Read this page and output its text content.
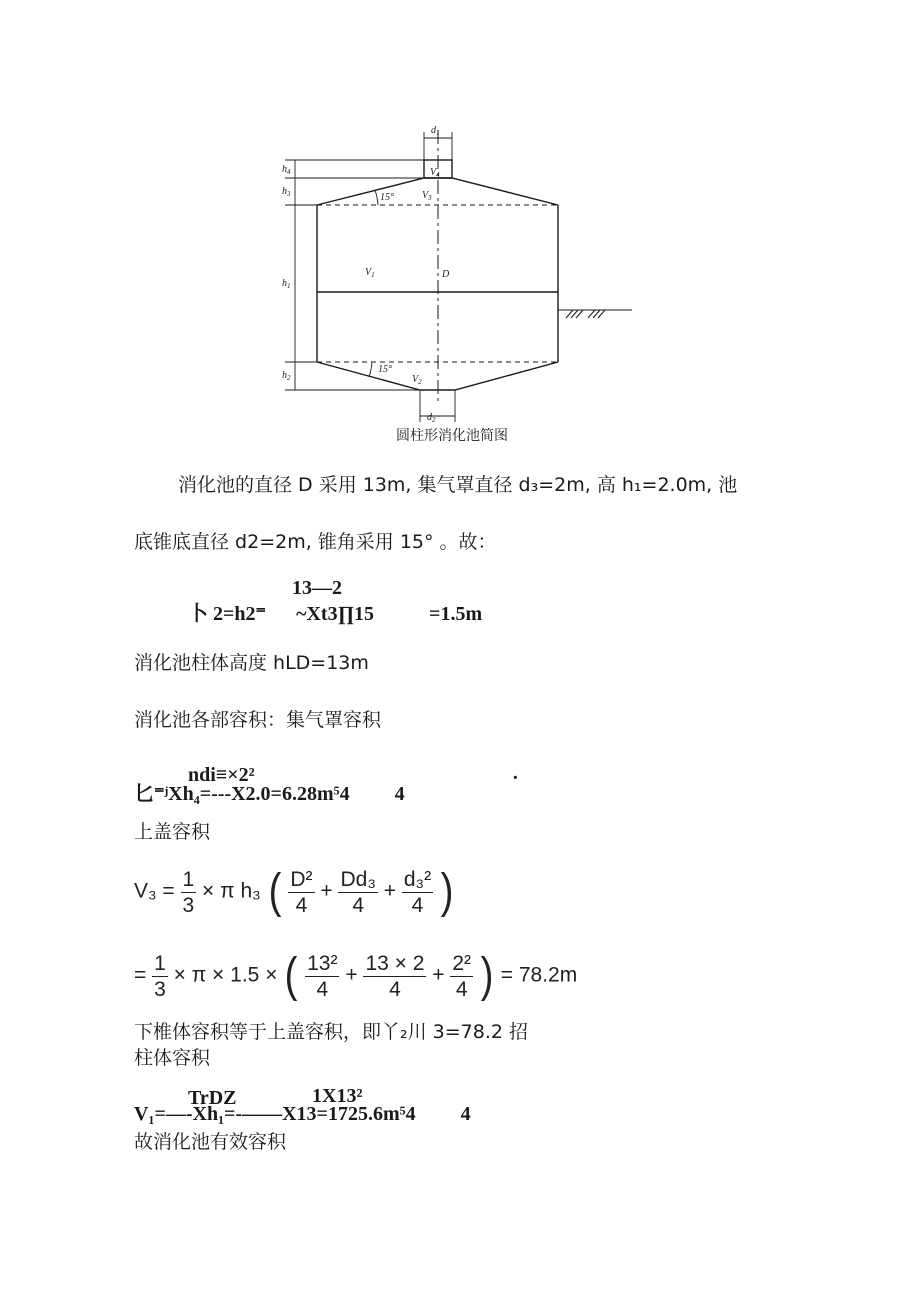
$d_1$
$d_2$
$h_4$
$h_3$
$h_1$
$h_2$
$V_4$
$V_3$
$V_1$
$V_2$
D
15°
15°
圆柱形消化池简图
消化池的直径 D 采用 13m, 集气罩直径 d₃=2m, 高 h₁=2.0m, 池
底锥底直径 d2=2m, 锥角采用 15° 。故：
13—2
卜 2=h2⁼      ~Xt3∏15           =1.5m
消化池柱体高度 hLD=13m
消化池各部容积：集气罩容积
ndi≡×2²
匕⁼ʲXh₄=---X2.0=6.28m⁵4         4
·
上盖容积
$V_3 = \frac{1}{3} \times \pi$ h₃ ( $\frac{\text{D²}}{4} + \frac{\text{Dd₃}}{4} + \frac{\text{d₃²}}{4}$ )
= $\frac{1}{3} \times \pi \times 1.5$ × ( $\frac{\text{13²}}{4} + \frac{13 \times 2}{4} + \frac{\text{2²}}{4}$ ) = 78.2m
下椎体容积等于上盖容积，即丫₂川 3=78.2 招
柱体容积
TrDZ	1X13²
V₁=—-Xh₁=-——X13=1725.6m⁵4         4
故消化池有效容积
